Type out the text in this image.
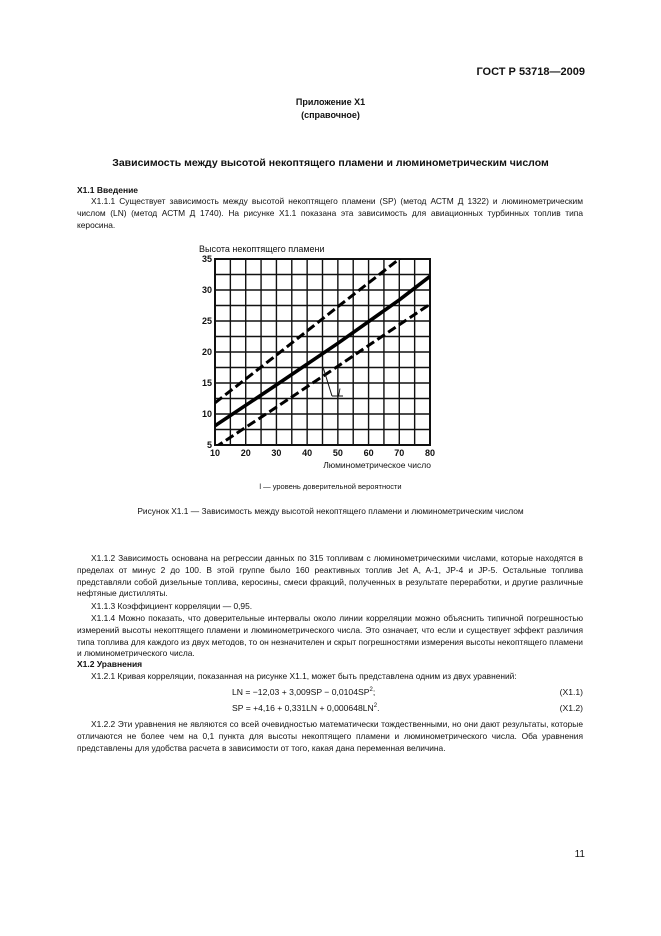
ГОСТ Р 53718—2009
Приложение X1
(справочное)
Зависимость между высотой некоптящего пламени и люминометрическим числом
X1.1 Введение

X1.1.1 Существует зависимость между высотой некоптящего пламени (SP) (метод АСТМ Д 1322) и люминометрическим числом (LN) (метод АСТМ Д 1740). На рисунке X1.1 показана эта зависимость для авиационных турбинных топлив типа керосина.

Высота некоптящего пламени
Люминометрическое число
l
10 20 30 40 50 60 70 80
5
10
15
20
25
30
35
l — уровень доверительной вероятности
Рисунок X1.1 — Зависимость между высотой некоптящего пламени и люминометрическим числом

X1.1.2 Зависимость основана на регрессии данных по 315 топливам с люминометрическими числами, которые находятся в пределах от минус 2 до 100. В этой группе было 160 реактивных топлив Jet A, A-1, JP-4 и JP-5. Остальные топлива представляли собой дизельные топлива, керосины, смеси фракций, полученных в результате переработки, и другие различные нефтяные дистилляты.

X1.1.3 Коэффициент корреляции — 0,95.

X1.1.4 Можно показать, что доверительные интервалы около линии корреляции можно объяснить типичной погрешностью измерений высоты некоптящего пламени и люминометрического числа. Это означает, что если и существует эффект различия типа топлива для каждого из двух методов, то он незначителен и скрыт погрешностями измерения высоты некоптящего пламени и люминометрического числа.

X1.2 Уравнения
X1.2.1 Кривая корреляции, показанная на рисунке X1.1, может быть представлена одним из двух уравнений:
LN = $-12,03 + 3,009SP - 0,0104SP^2$;	(X1.1)
SP = $+4,16 + 0,331LN + 0,000648LN^2$.	(X1.2)

X1.2.2 Эти уравнения не являются со всей очевидностью математически тождественными, но они дают результаты, которые отличаются не более чем на 0,1 пункта для высоты некоптящего пламени и люминометрического числа. Оба уравнения представлены для удобства расчета в зависимости от того, какая дана переменная величина.

11
